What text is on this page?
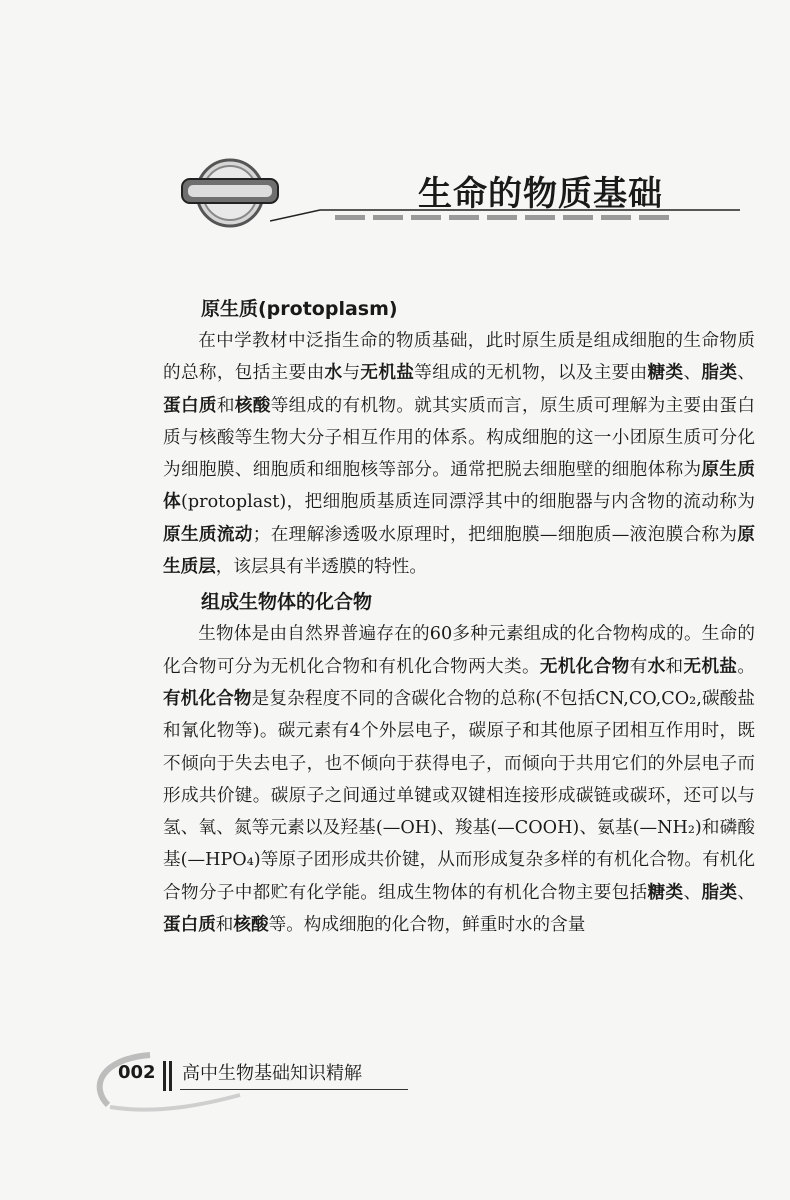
生命的物质基础
原生质(protoplasm)

在中学教材中泛指生命的物质基础，此时原生质是组成细胞的生命物质的总称，包括主要由水与无机盐等组成的无机物，以及主要由糖类、脂类、蛋白质和核酸等组成的有机物。就其实质而言，原生质可理解为主要由蛋白质与核酸等生物大分子相互作用的体系。构成细胞的这一小团原生质可分化为细胞膜、细胞质和细胞核等部分。通常把脱去细胞壁的细胞体称为原生质体(protoplast)，把细胞质基质连同漂浮其中的细胞器与内含物的流动称为原生质流动；在理解渗透吸水原理时，把细胞膜—细胞质—液泡膜合称为原生质层，该层具有半透膜的特性。

组成生物体的化合物

生物体是由自然界普遍存在的60多种元素组成的化合物构成的。生命的化合物可分为无机化合物和有机化合物两大类。无机化合物有水和无机盐。有机化合物是复杂程度不同的含碳化合物的总称(不包括CN,CO,CO₂,碳酸盐和氰化物等)。碳元素有4个外层电子，碳原子和其他原子团相互作用时，既不倾向于失去电子，也不倾向于获得电子，而倾向于共用它们的外层电子而形成共价键。碳原子之间通过单键或双键相连接形成碳链或碳环，还可以与氢、氧、氮等元素以及羟基(—OH)、羧基(—COOH)、氨基(—NH₂)和磷酸基(—HPO₄)等原子团形成共价键，从而形成复杂多样的有机化合物。有机化合物分子中都贮有化学能。组成生物体的有机化合物主要包括糖类、脂类、蛋白质和核酸等。构成细胞的化合物，鲜重时水的含量

002 高中生物基础知识精解
